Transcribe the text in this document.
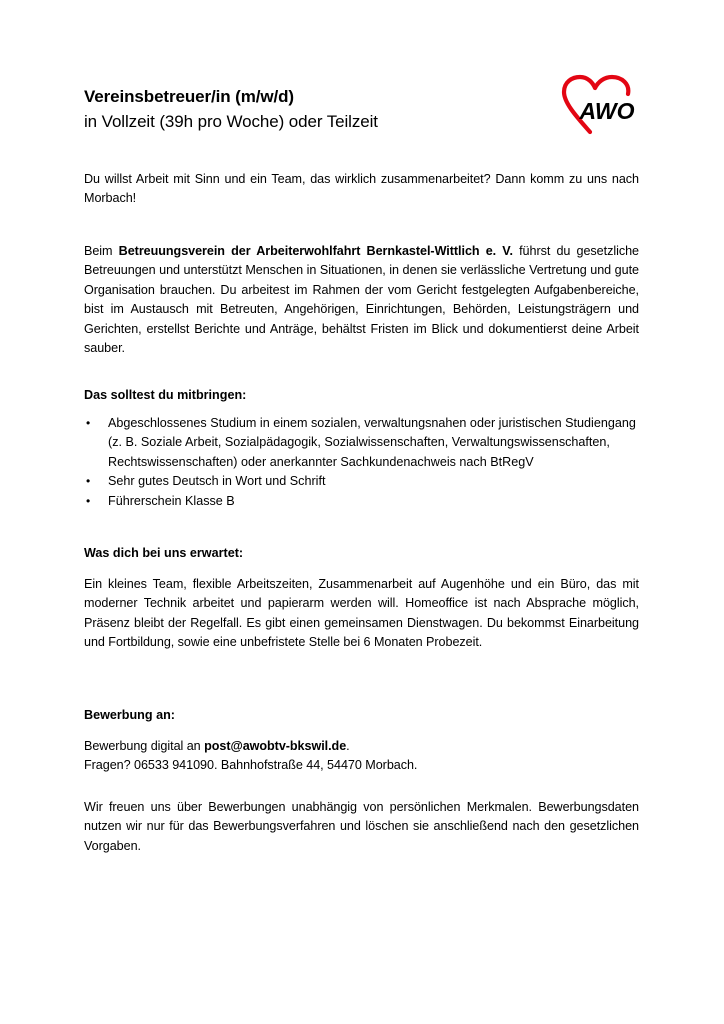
Vereinsbetreuer/in (m/w/d)
in Vollzeit (39h pro Woche) oder Teilzeit	AWO
Du willst Arbeit mit Sinn und ein Team, das wirklich zusammenarbeitet? Dann komm zu uns nach Morbach!
Beim Betreuungsverein der Arbeiterwohlfahrt Bernkastel-Wittlich e. V. führst du gesetzliche Betreuungen und unterstützt Menschen in Situationen, in denen sie verlässliche Vertretung und gute Organisation brauchen. Du arbeitest im Rahmen der vom Gericht festgelegten Aufgabenbereiche, bist im Austausch mit Betreuten, Angehörigen, Einrichtungen, Behörden, Leistungsträgern und Gerichten, erstellst Berichte und Anträge, behältst Fristen im Blick und dokumentierst deine Arbeit sauber.
Das solltest du mitbringen:
• Abgeschlossenes Studium in einem sozialen, verwaltungsnahen oder juristischen Studiengang (z. B. Soziale Arbeit, Sozialpädagogik, Sozialwissenschaften, Verwaltungswissenschaften, Rechtswissenschaften) oder anerkannter Sachkundenachweis nach BtRegV
• Sehr gutes Deutsch in Wort und Schrift
• Führerschein Klasse B
Was dich bei uns erwartet:
Ein kleines Team, flexible Arbeitszeiten, Zusammenarbeit auf Augenhöhe und ein Büro, das mit moderner Technik arbeitet und papierarm werden will. Homeoffice ist nach Absprache möglich, Präsenz bleibt der Regelfall. Es gibt einen gemeinsamen Dienstwagen. Du bekommst Einarbeitung und Fortbildung, sowie eine unbefristete Stelle bei 6 Monaten Probezeit.
Bewerbung an:
Bewerbung digital an post@awobtv-bkswil.de.
Fragen? 06533 941090. Bahnhofstraße 44, 54470 Morbach.
Wir freuen uns über Bewerbungen unabhängig von persönlichen Merkmalen. Bewerbungsdaten nutzen wir nur für das Bewerbungsverfahren und löschen sie anschließend nach den gesetzlichen Vorgaben.
